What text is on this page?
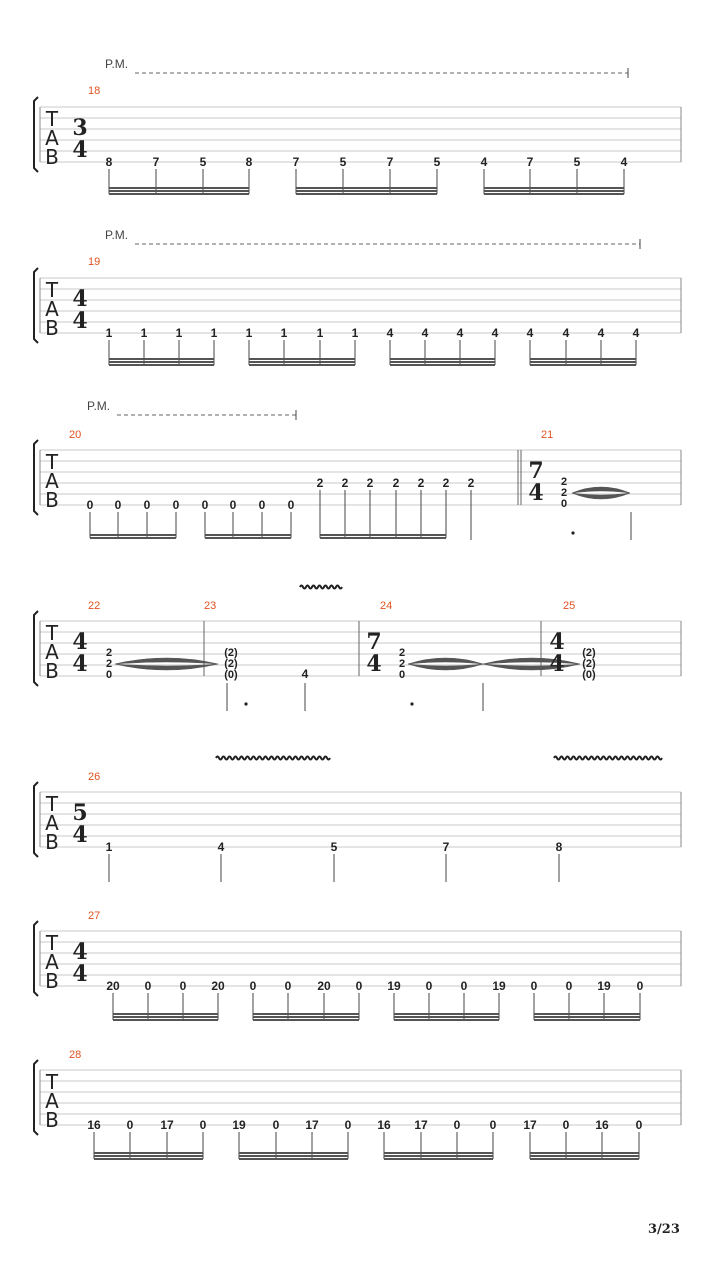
P.M.
18
T
A
B
3
4 8	7	5	8	7	5	7	5	4	7	5	4
P.M.
19
T
A
B
4
4 1 1 1 1 1 1 1 1 4 4 4 4 4 4 4 4
P.M.
20	21
T
A
B 0 0 0 0 0 0 0 0
2 2 2 2 2 2 2 7
4 2
2
0
22	23	24	25
T
A
B
4
4 2
2
0
(2)
(2)
(0)	4
7
4 2
2
0
4
4 (2)
(2)
(0)
26
T
A
B
5
4 1	4	5	7	8
27
T
A
B
4
4 20 0 0 20 0 0 20 0 19 0 0 19 0 0 19 0
28
T
A
B 16 0 17 0 19 0 17 0 16 17 0 0 17 0 16 0
3/23
